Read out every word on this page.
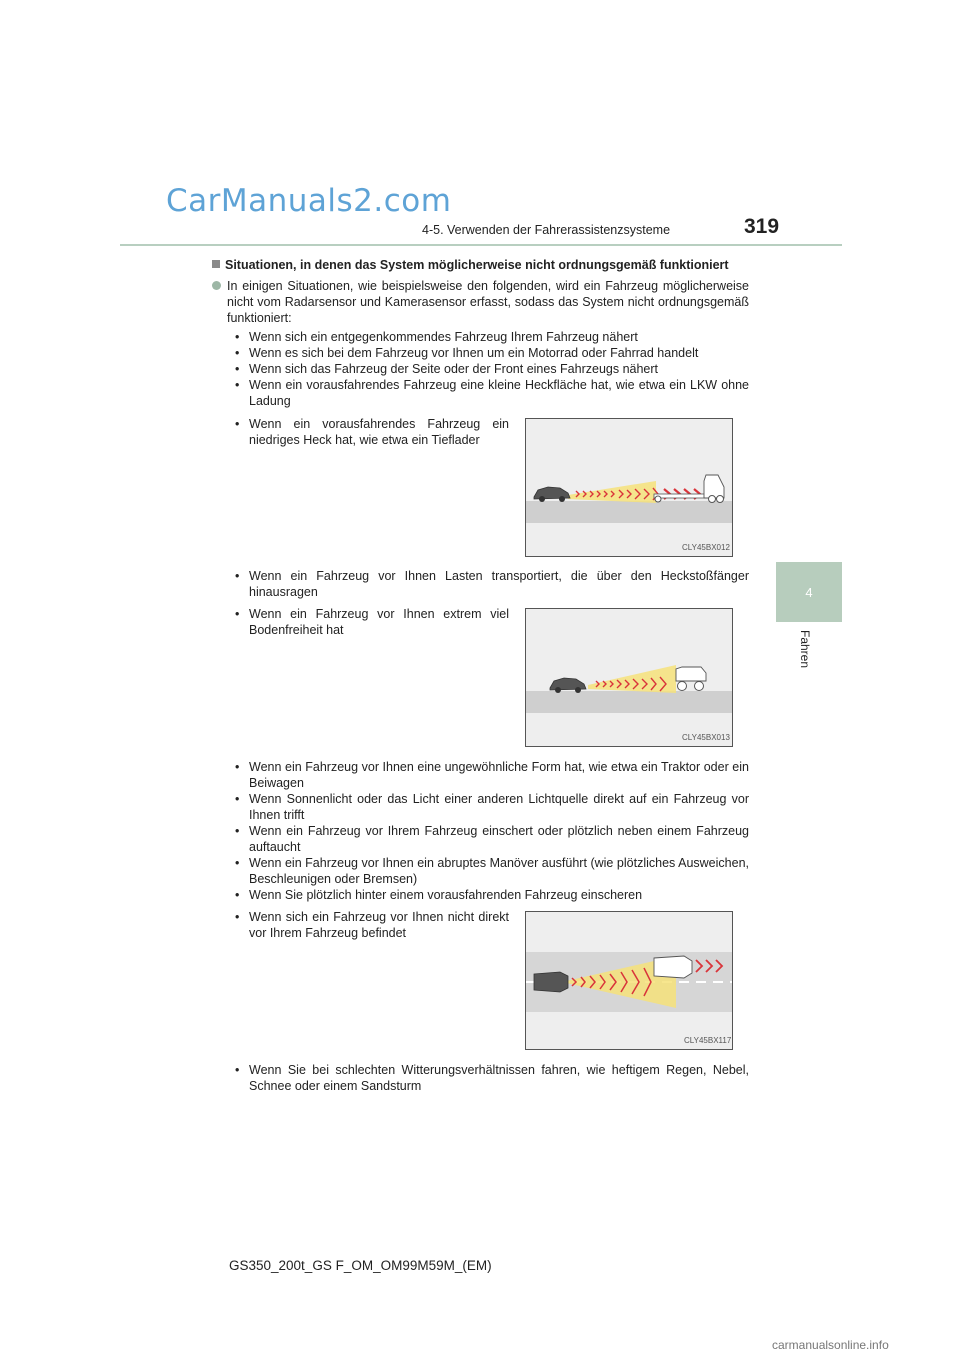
CarManuals2.com
4-5. Verwenden der Fahrerassistenzsysteme	319
4
Fahren
Situationen, in denen das System möglicherweise nicht ordnungsgemäß funktioniert
In einigen Situationen, wie beispielsweise den folgenden, wird ein Fahrzeug möglicherweise nicht vom Radarsensor und Kamerasensor erfasst, sodass das System nicht ordnungsgemäß funktioniert:
• Wenn sich ein entgegenkommendes Fahrzeug Ihrem Fahrzeug nähert
• Wenn es sich bei dem Fahrzeug vor Ihnen um ein Motorrad oder Fahrrad handelt
• Wenn sich das Fahrzeug der Seite oder der Front eines Fahrzeugs nähert
• Wenn ein vorausfahrendes Fahrzeug eine kleine Heckfläche hat, wie etwa ein LKW ohne Ladung
• Wenn ein vorausfahrendes Fahrzeug ein niedriges Heck hat, wie etwa ein Tieflader
CLY45BX012
• Wenn ein Fahrzeug vor Ihnen Lasten transportiert, die über den Heckstoßfänger hinausragen
• Wenn ein Fahrzeug vor Ihnen extrem viel Bodenfreiheit hat
CLY45BX013
• Wenn ein Fahrzeug vor Ihnen eine ungewöhnliche Form hat, wie etwa ein Traktor oder ein Beiwagen
• Wenn Sonnenlicht oder das Licht einer anderen Lichtquelle direkt auf ein Fahrzeug vor Ihnen trifft
• Wenn ein Fahrzeug vor Ihrem Fahrzeug einschert oder plötzlich neben einem Fahrzeug auftaucht
• Wenn ein Fahrzeug vor Ihnen ein abruptes Manöver ausführt (wie plötzliches Ausweichen, Beschleunigen oder Bremsen)
• Wenn Sie plötzlich hinter einem vorausfahrenden Fahrzeug einscheren
• Wenn sich ein Fahrzeug vor Ihnen nicht direkt vor Ihrem Fahrzeug befindet
CLY45BX117
• Wenn Sie bei schlechten Witterungsverhältnissen fahren, wie heftigem Regen, Nebel, Schnee oder einem Sandsturm
GS350_200t_GS F_OM_OM99M59M_(EM)
carmanualsonline.info
